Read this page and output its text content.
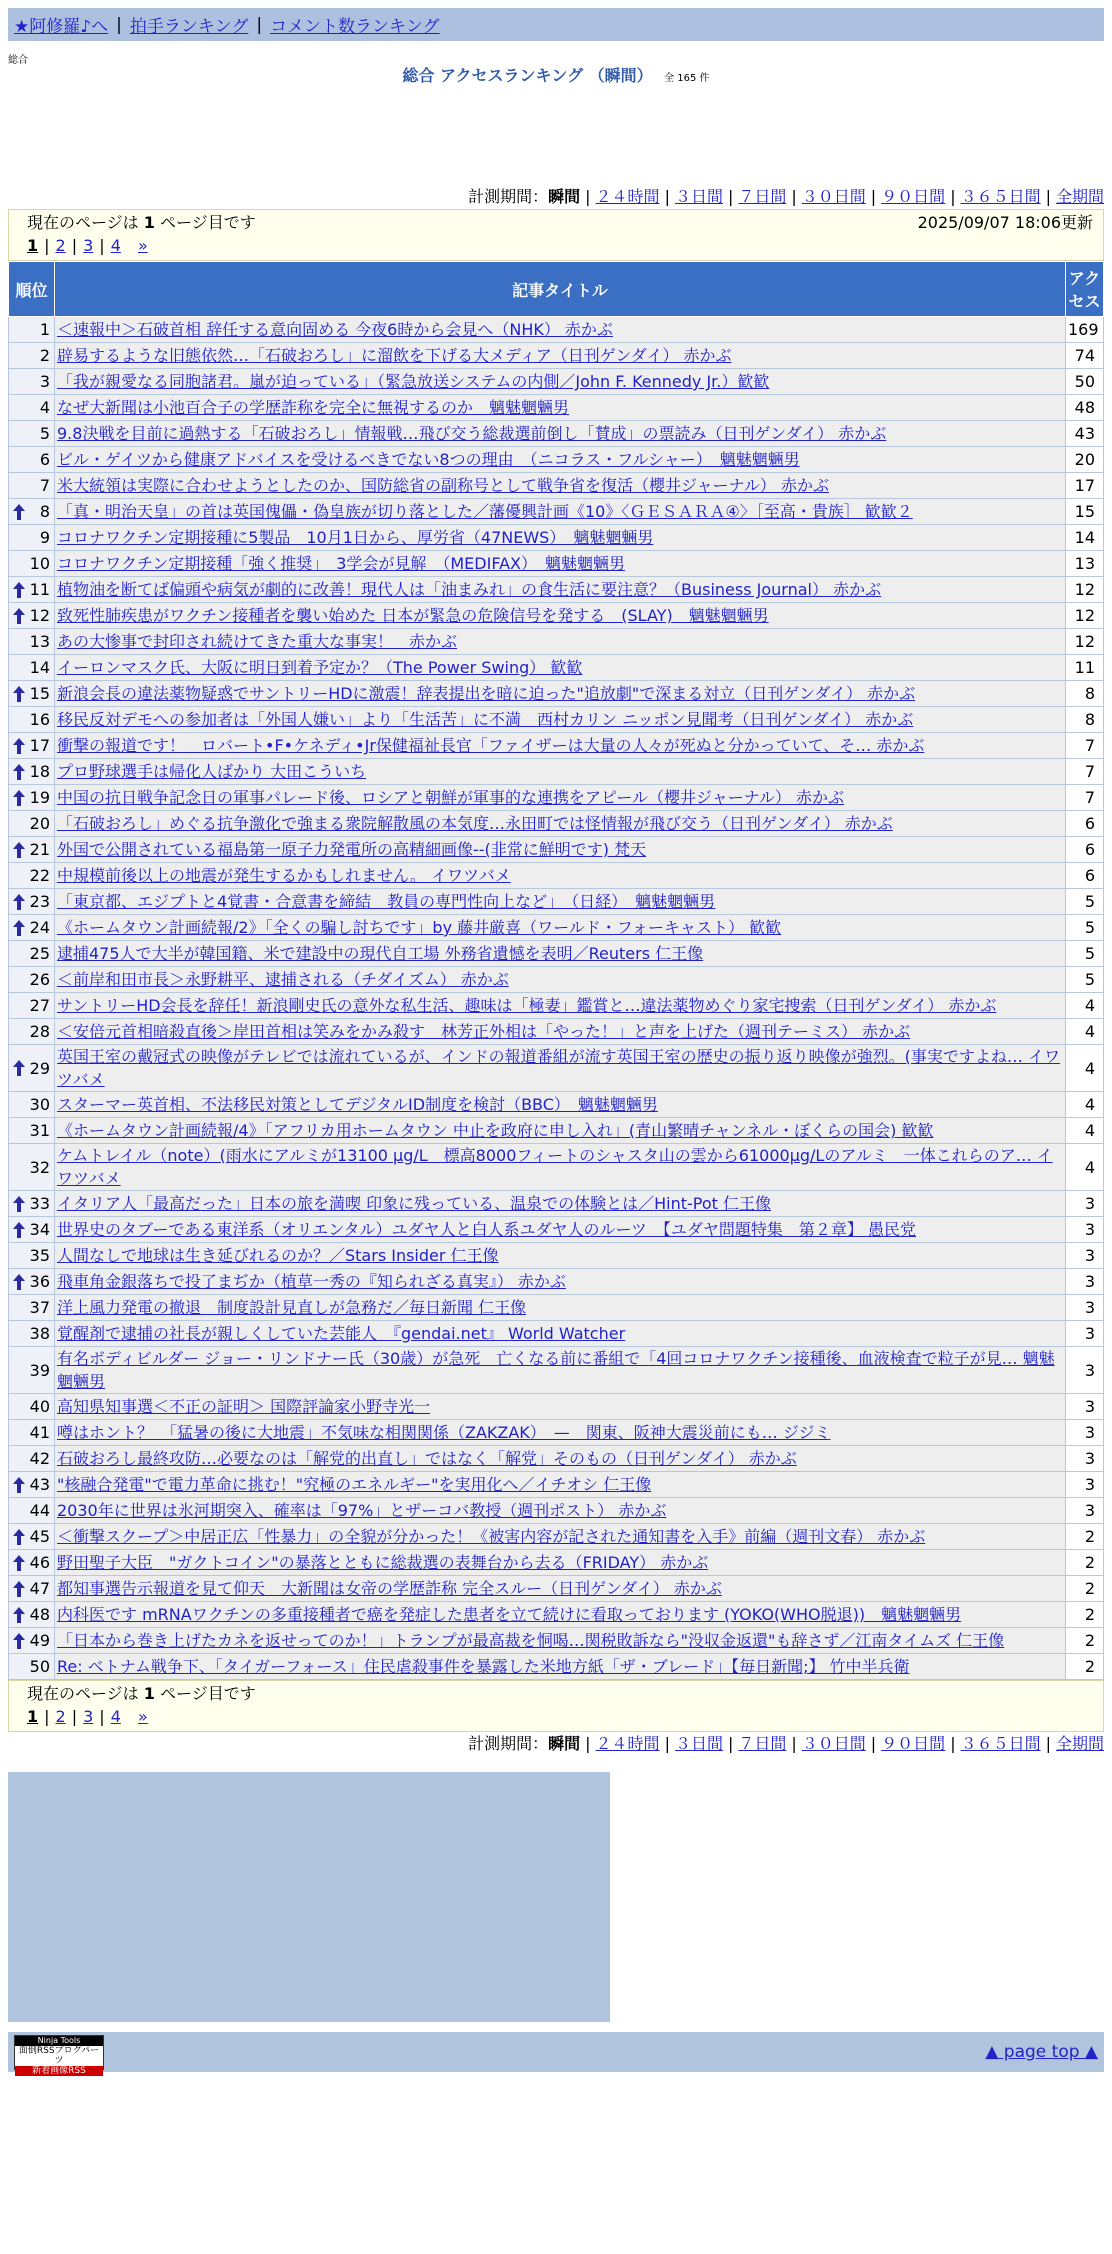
★阿修羅♪へ | 拍手ランキング | コメント数ランキング
総合
総合 アクセスランキング （瞬間） 全 165 件
計測期間：瞬間 | ２４時間 | ３日間 | ７日間 | ３０日間 | ９０日間 | ３６５日間 | 全期間
現在のページは 1 ページ目です	2025/09/07 18:06更新
1 | 2 | 3 | 4 »
順位	記事タイトル	アクセス
1	＜速報中＞石破首相 辞任する意向固める 今夜6時から会見へ（NHK） 赤かぶ	169
2	辟易するような旧態依然…「石破おろし」に溜飲を下げる大メディア（日刊ゲンダイ） 赤かぶ	74
3	「我が親愛なる同胞諸君。嵐が迫っている」（緊急放送システムの内側／John F. Kennedy Jr.）歓歓	50
4	なぜ大新聞は小池百合子の学歴詐称を完全に無視するのか　魑魅魍魎男	48
5	9.8決戦を目前に過熱する「石破おろし」情報戦…飛び交う総裁選前倒し「賛成」の票読み（日刊ゲンダイ） 赤かぶ	43
6	ビル・ゲイツから健康アドバイスを受けるべきでない8つの理由　（ニコラス・フルシャー）　魑魅魍魎男	20
7	米大統領は実際に合わせようとしたのか、国防総省の副称号として戦争省を復活（櫻井ジャーナル） 赤かぶ	17

8	「真・明治天皇」の首は英国傀儡・偽皇族が切り落とした／藩優興計画《10》〈ＧＥＳＡＲＡ④〉［至高・貴族］ 歓歓２	15
9	コロナワクチン定期接種に5製品　10月1日から、厚労省（47NEWS）　魑魅魍魎男	14
10	コロナワクチン定期接種「強く推奨」　3学会が見解　（MEDIFAX）　魑魅魍魎男	13

11	植物油を断てば偏頭や病気が劇的に改善！現代人は「油まみれ」の食生活に要注意？（Business Journal） 赤かぶ	12

12	致死性肺疾患がワクチン接種者を襲い始めた 日本が緊急の危険信号を発する　(SLAY)　魑魅魍魎男	12
13	あの大惨事で封印され続けてきた重大な事実！　赤かぶ	12
14	イーロンマスク氏、大阪に明日到着予定か？（The Power Swing） 歓歓	11

15	新浪会長の違法薬物疑惑でサントリーHDに激震！辞表提出を暗に迫った"追放劇"で深まる対立（日刊ゲンダイ） 赤かぶ	8
16	移民反対デモへの参加者は「外国人嫌い」より「生活苦」に不満　西村カリン ニッポン見聞考（日刊ゲンダイ） 赤かぶ	8

17	衝撃の報道です！　ロバート•F•ケネディ•Jr保健福祉長官「ファイザーは大量の人々が死ぬと分かっていて、そ… 赤かぶ	7

18	プロ野球選手は帰化人ばかり 大田こういち	7

19	中国の抗日戦争記念日の軍事パレード後、ロシアと朝鮮が軍事的な連携をアピール（櫻井ジャーナル） 赤かぶ	7
20	「石破おろし」めぐる抗争激化で強まる衆院解散風の本気度…永田町では怪情報が飛び交う（日刊ゲンダイ） 赤かぶ	6

21	外国で公開されている福島第一原子力発電所の高精細画像--(非常に鮮明です) 梵天	6
22	中規模前後以上の地震が発生するかもしれません。 イワツバメ	6

23	「東京都、エジプトと4覚書・合意書を締結　教員の専門性向上など」　（日経）　魑魅魍魎男	5

24	《ホームタウン計画続報/2》「全くの騙し討ちです」by 藤井厳喜（ワールド・フォーキャスト） 歓歓	5
25	逮捕475人で大半が韓国籍、米で建設中の現代自工場 外務省遺憾を表明／Reuters 仁王像	5
26	＜前岸和田市長＞永野耕平、逮捕される（チダイズム） 赤かぶ	5
27	サントリーHD会長を辞任！新浪剛史氏の意外な私生活、趣味は「極妻」鑑賞と…違法薬物めぐり家宅捜索（日刊ゲンダイ） 赤かぶ	4
28	＜安倍元首相暗殺直後＞岸田首相は笑みをかみ殺す　林芳正外相は「やった！」と声を上げた（週刊テーミス） 赤かぶ	4

29	英国王室の戴冠式の映像がテレビでは流れているが、インドの報道番組が流す英国王室の歴史の振り返り映像が強烈。(事実ですよね… イワツバメ	4
30	スターマー英首相、不法移民対策としてデジタルID制度を検討（BBC）　魑魅魍魎男	4
31	《ホームタウン計画続報/4》「アフリカ用ホームタウン 中止を政府に申し入れ」(青山繁晴チャンネル・ぼくらの国会) 歓歓	4
32	ケムトレイル（note）(雨水にアルミが13100 μg/L　標高8000フィートのシャスタ山の雲から61000μg/Lのアルミ　一体これらのア… イワツバメ	4

33	イタリア人「最高だった」日本の旅を満喫 印象に残っている、温泉での体験とは／Hint-Pot 仁王像	3

34	世界史のタブーである東洋系（オリエンタル）ユダヤ人と白人系ユダヤ人のルーツ　【ユダヤ問題特集　第２章】 愚民党	3
35	人間なしで地球は生き延びれるのか？／Stars Insider 仁王像	3

36	飛車角金銀落ちで投了まぢか（植草一秀の『知られざる真実』） 赤かぶ	3
37	洋上風力発電の撤退　制度設計見直しが急務だ／毎日新聞 仁王像	3
38	覚醒剤で逮捕の社長が親しくしていた芸能人　『gendai.net』 World Watcher	3
39	有名ボディビルダー ジョー・リンドナー氏（30歳）が急死　亡くなる前に番組で「4回コロナワクチン接種後、血液検査で粒子が見… 魑魅魍魎男	3
40	高知県知事選＜不正の証明＞ 国際評論家小野寺光一	3
41	噂はホント？　「猛暑の後に大地震」不気味な相関関係（ZAKZAK）　—　関東、阪神大震災前にも… ジジミ	3
42	石破おろし最終攻防…必要なのは「解党的出直し」ではなく「解党」そのもの（日刊ゲンダイ） 赤かぶ	3

43	"核融合発電"で電力革命に挑む！"究極のエネルギー"を実用化へ／イチオシ 仁王像	3
44	2030年に世界は氷河期突入、確率は「97%」とザーコバ教授（週刊ポスト） 赤かぶ	3

45	＜衝撃スクープ＞中居正広「性暴力」の全貌が分かった！《被害内容が記された通知書を入手》前編（週刊文春） 赤かぶ	2

46	野田聖子大臣　"ガクトコイン"の暴落とともに総裁選の表舞台から去る（FRIDAY） 赤かぶ	2

47	都知事選告示報道を見て仰天　大新聞は女帝の学歴詐称 完全スルー（日刊ゲンダイ） 赤かぶ	2

48	内科医です mRNAワクチンの多重接種者で癌を発症した患者を立て続けに看取っております (YOKO(WHO脱退))　魑魅魍魎男	2

49	「日本から巻き上げたカネを返せってのか！」トランプが最高裁を恫喝…関税敗訴なら"没収金返還"も辞さず／江南タイムズ 仁王像	2
50	Re: ベトナム戦争下、「タイガーフォース」住民虐殺事件を暴露した米地方紙「ザ・ブレード」【毎日新聞;】 竹中半兵衛	2
現在のページは 1 ページ目です
1 | 2 | 3 | 4 »
計測期間：瞬間 | ２４時間 | ３日間 | ７日間 | ３０日間 | ９０日間 | ３６５日間 | 全期間
Ninja Tools
面倒RSSブログパーツ
新着画像RSS
▲ page top ▲
